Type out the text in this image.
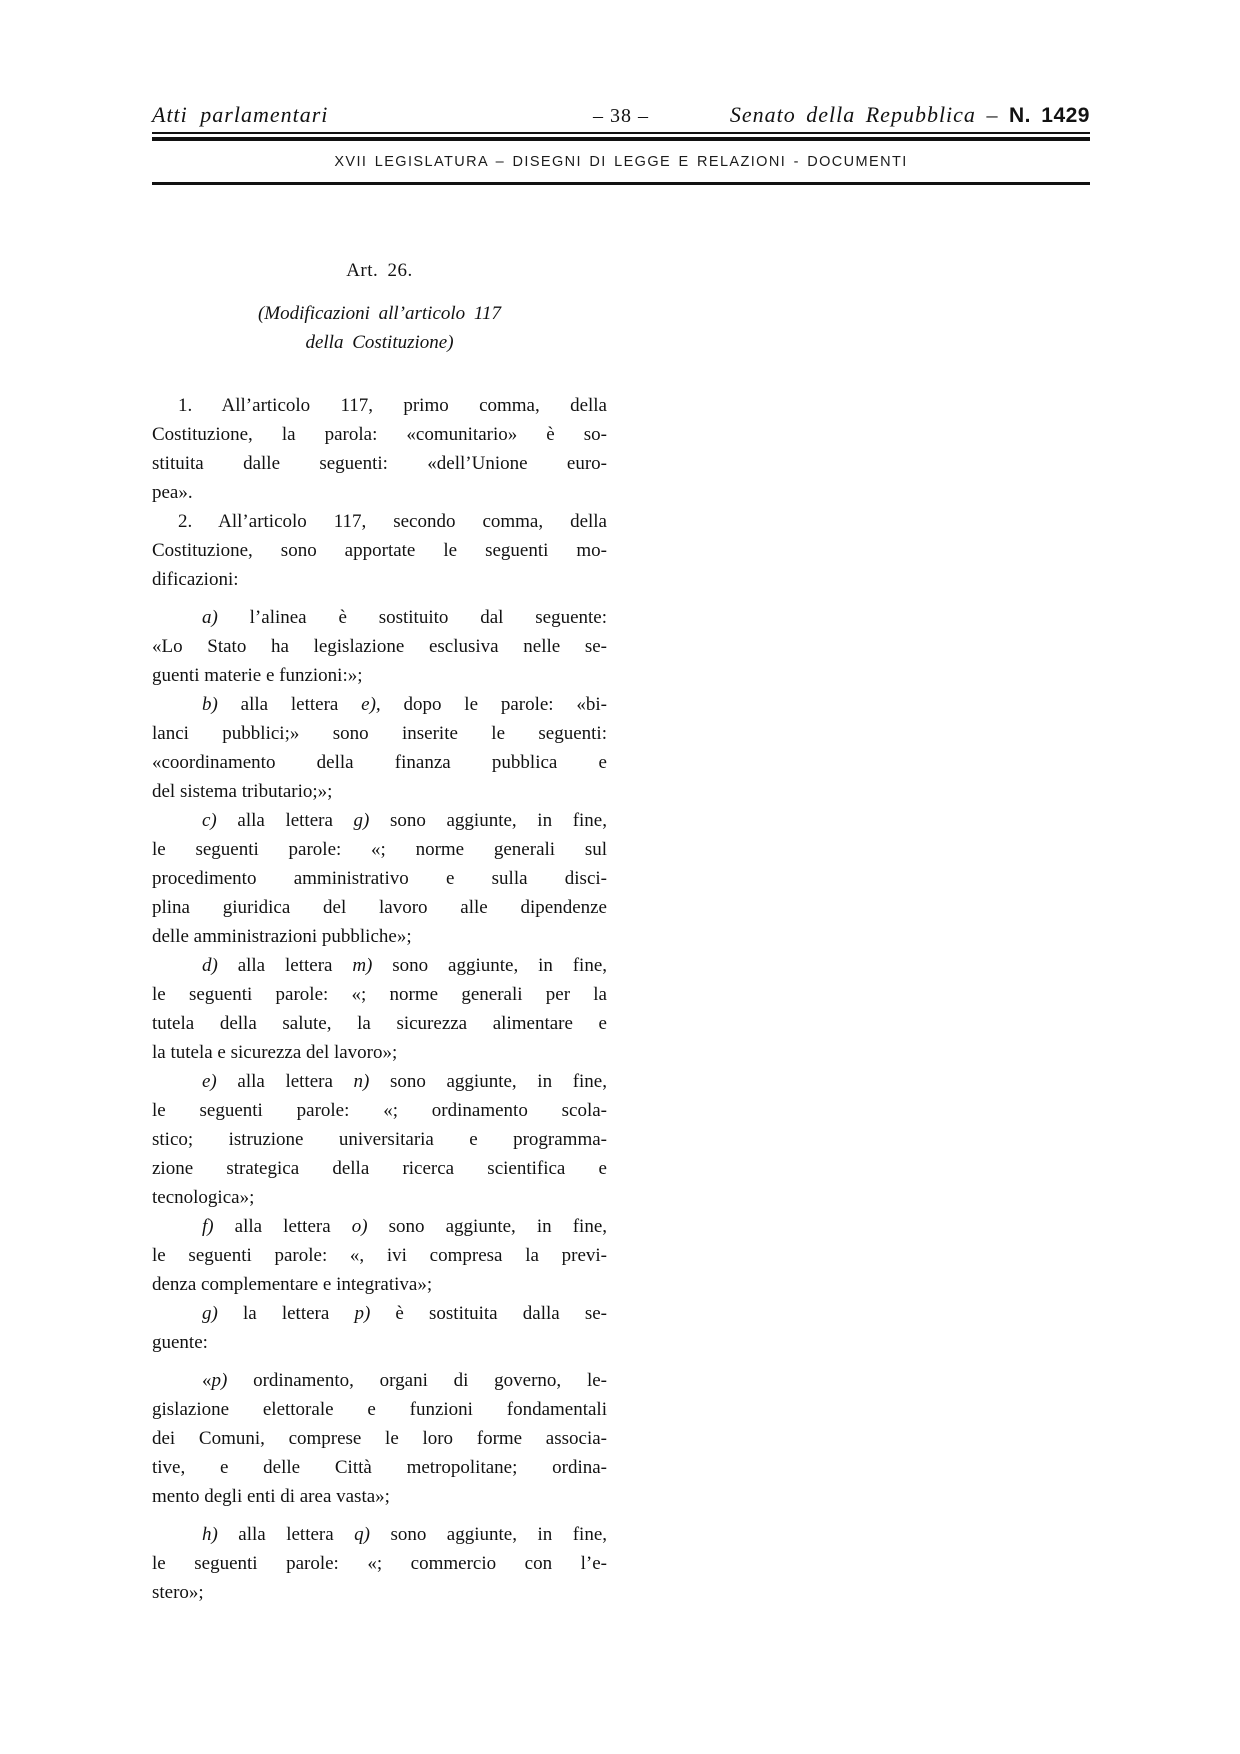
Atti parlamentari	– 38 –	Senato della Repubblica – N. 1429
XVII LEGISLATURA – DISEGNI DI LEGGE E RELAZIONI - DOCUMENTI
Art. 26.
(Modificazioni all’articolo 117
della Costituzione)
1. All’articolo 117, primo comma, della
Costituzione, la parola: «comunitario» è so-
stituita dalle seguenti: «dell’Unione euro-
pea».
2. All’articolo 117, secondo comma, della
Costituzione, sono apportate le seguenti mo-
dificazioni:
a) l’alinea è sostituito dal seguente:
«Lo Stato ha legislazione esclusiva nelle se-
guenti materie e funzioni:»;
b) alla lettera e), dopo le parole: «bi-
lanci pubblici;» sono inserite le seguenti:
«coordinamento della finanza pubblica e
del sistema tributario;»;
c) alla lettera g) sono aggiunte, in fine,
le seguenti parole: «; norme generali sul
procedimento amministrativo e sulla disci-
plina giuridica del lavoro alle dipendenze
delle amministrazioni pubbliche»;
d) alla lettera m) sono aggiunte, in fine,
le seguenti parole: «; norme generali per la
tutela della salute, la sicurezza alimentare e
la tutela e sicurezza del lavoro»;
e) alla lettera n) sono aggiunte, in fine,
le seguenti parole: «; ordinamento scola-
stico; istruzione universitaria e programma-
zione strategica della ricerca scientifica e
tecnologica»;
f) alla lettera o) sono aggiunte, in fine,
le seguenti parole: «, ivi compresa la previ-
denza complementare e integrativa»;
g) la lettera p) è sostituita dalla se-
guente:
«p) ordinamento, organi di governo, le-
gislazione elettorale e funzioni fondamentali
dei Comuni, comprese le loro forme associa-
tive, e delle Città metropolitane; ordina-
mento degli enti di area vasta»;
h) alla lettera q) sono aggiunte, in fine,
le seguenti parole: «; commercio con l’e-
stero»;
